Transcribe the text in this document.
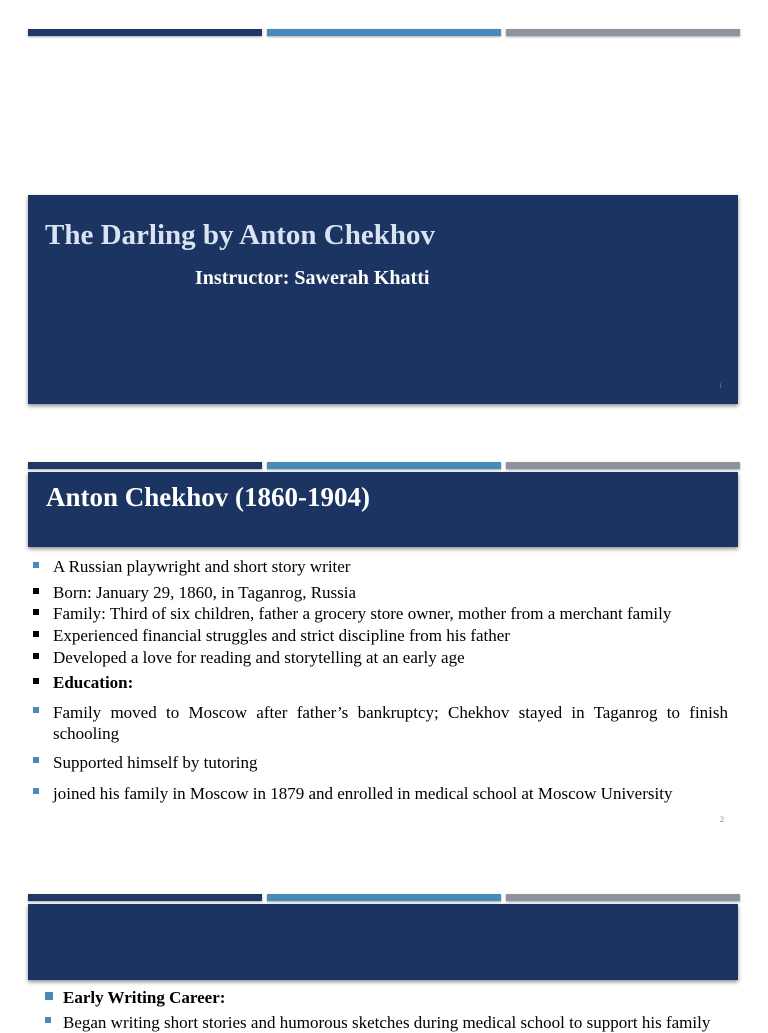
The Darling by Anton Chekhov
Instructor: Sawerah Khatti
1
Anton Chekhov (1860-1904)
A Russian playwright and short story writer
Born: January 29, 1860, in Taganrog, Russia
Family: Third of six children, father a grocery store owner, mother from a merchant family
Experienced financial struggles and strict discipline from his father
Developed a love for reading and storytelling at an early age
Education:
Family moved to Moscow after father’s bankruptcy; Chekhov stayed in Taganrog to finish schooling
Supported himself by tutoring
joined his family in Moscow in 1879 and enrolled in medical school at Moscow University
2
Early Writing Career:
Began writing short stories and humorous sketches during medical school to support his family
